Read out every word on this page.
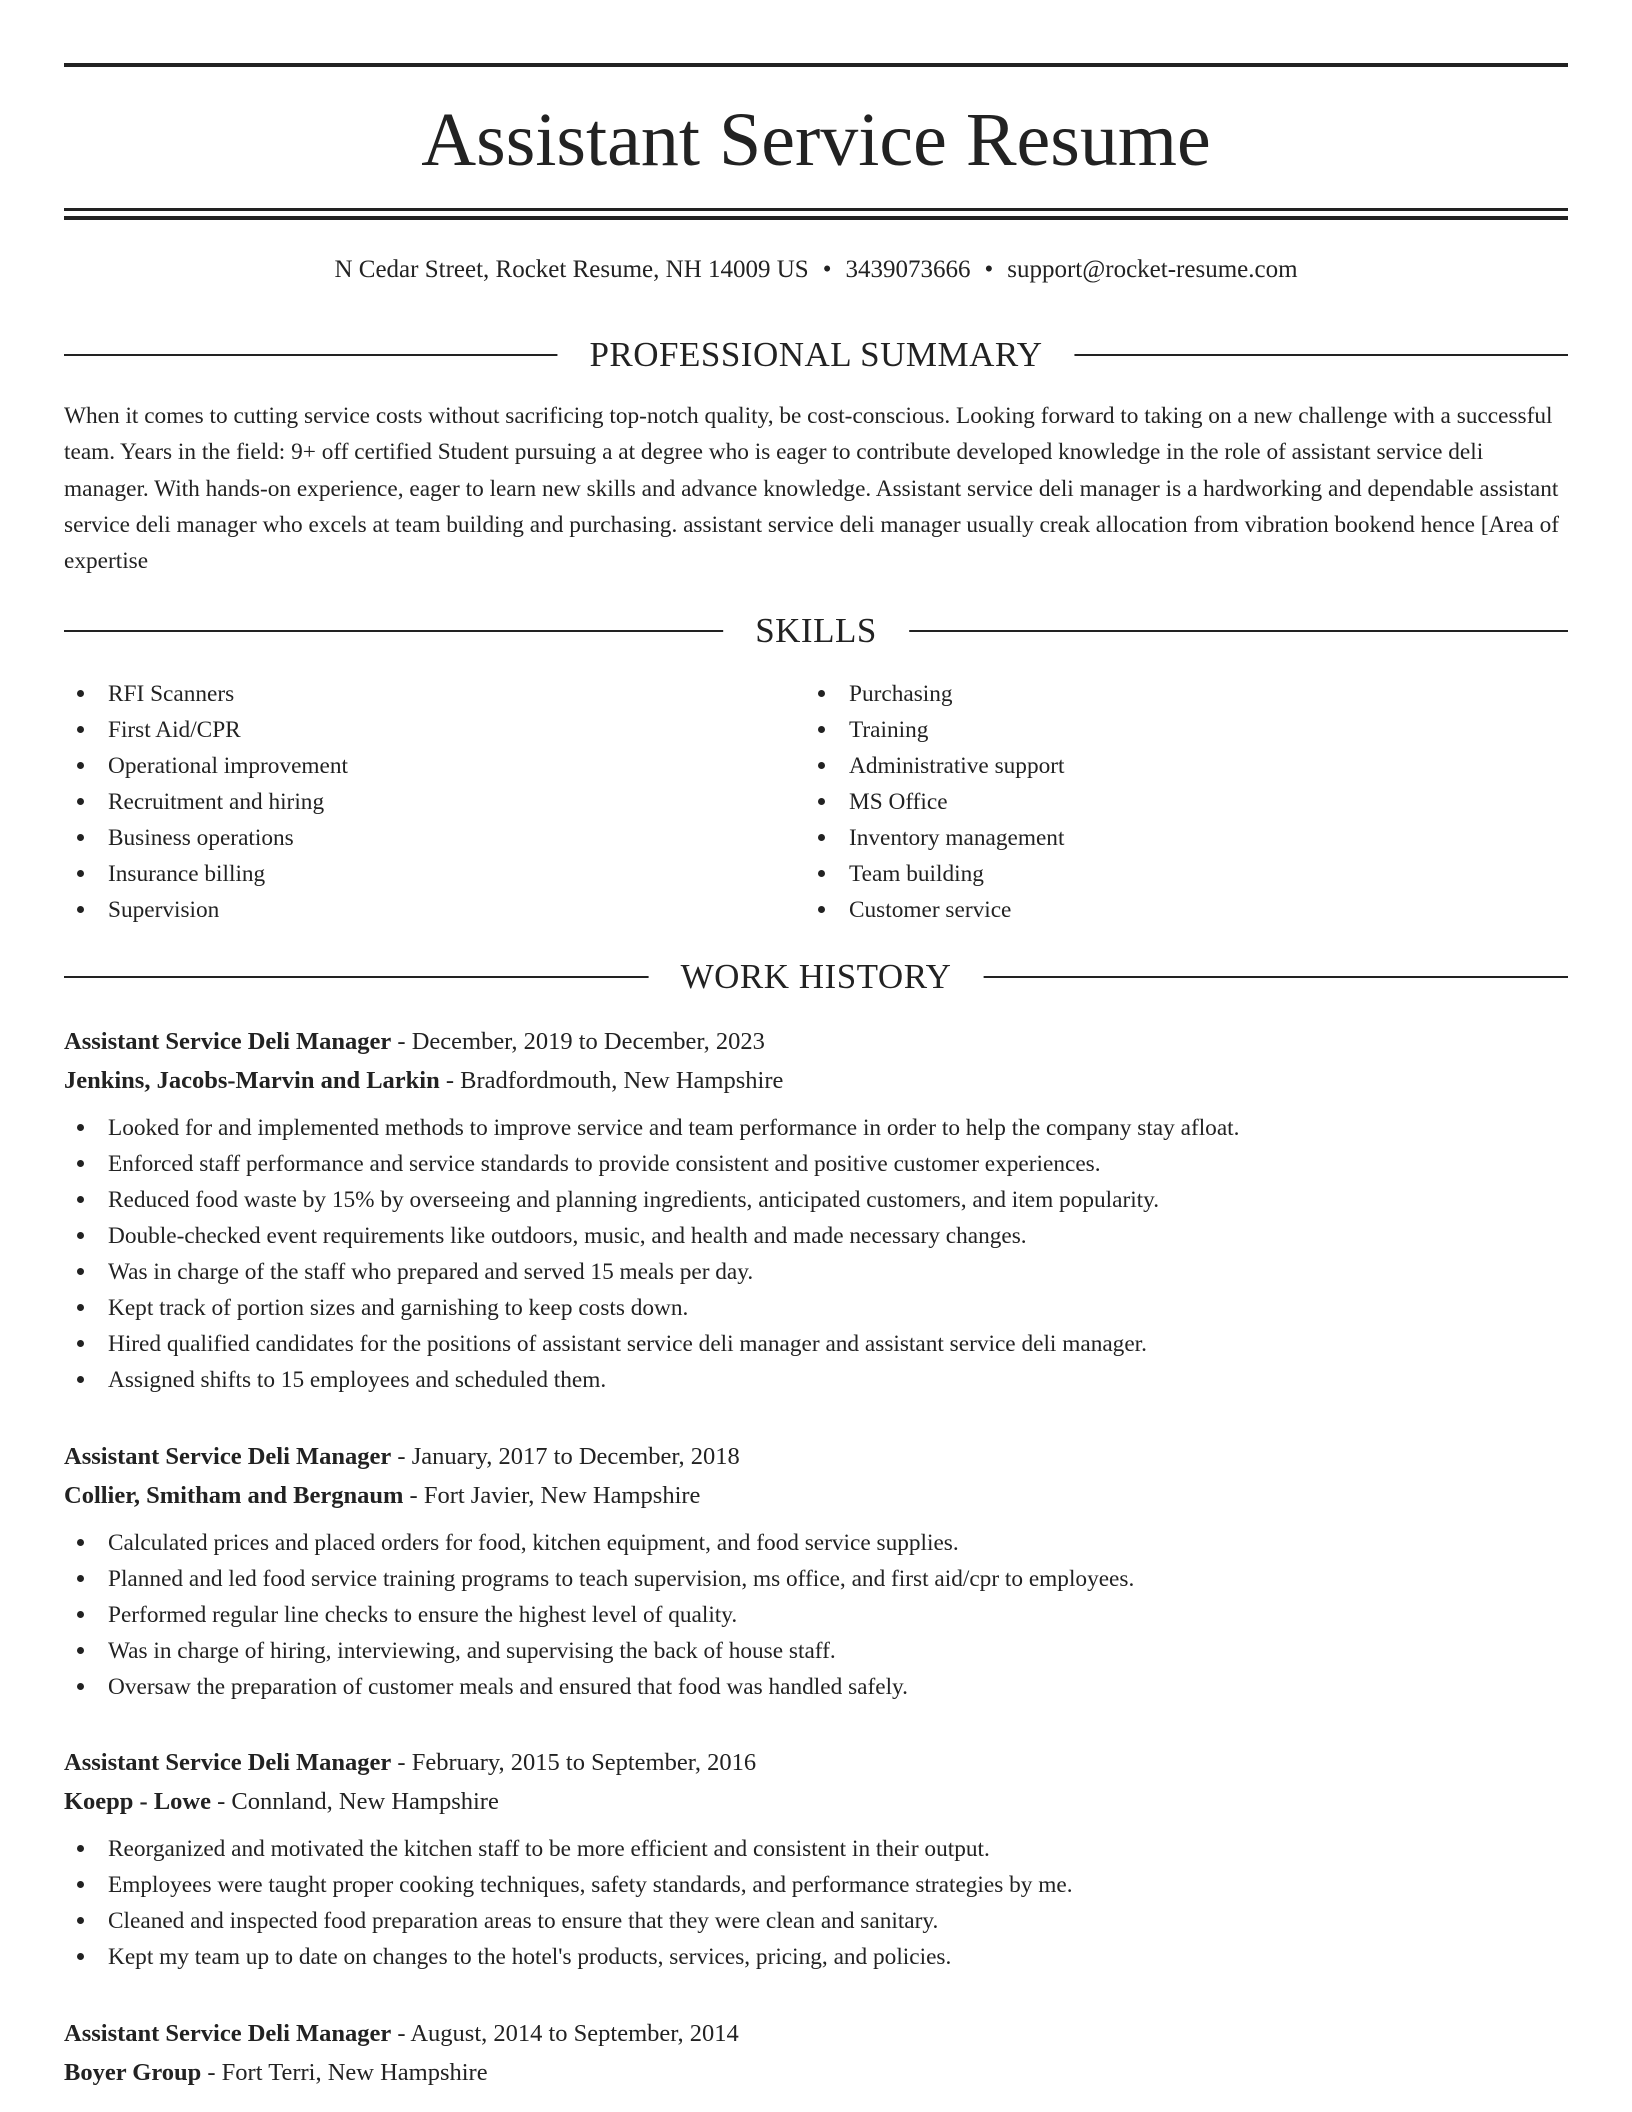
Assistant Service Resume
N Cedar Street, Rocket Resume, NH 14009 US • 3439073666 • support@rocket-resume.com
PROFESSIONAL SUMMARY

When it comes to cutting service costs without sacrificing top-notch quality, be cost-conscious. Looking forward to taking on a new challenge with a successful team. Years in the field: 9+ off certified Student pursuing a at degree who is eager to contribute developed knowledge in the role of assistant service deli manager. With hands-on experience, eager to learn new skills and advance knowledge. Assistant service deli manager is a hardworking and dependable assistant service deli manager who excels at team building and purchasing. assistant service deli manager usually creak allocation from vibration bookend hence [Area of expertise

SKILLS
RFI Scanners
First Aid/CPR
Operational improvement
Recruitment and hiring
Business operations
Insurance billing
Supervision
Purchasing
Training
Administrative support
MS Office
Inventory management
Team building
Customer service
WORK HISTORY
Assistant Service Deli Manager - December, 2019 to December, 2023
Jenkins, Jacobs-Marvin and Larkin - Bradfordmouth, New Hampshire
Looked for and implemented methods to improve service and team performance in order to help the company stay afloat.
Enforced staff performance and service standards to provide consistent and positive customer experiences.
Reduced food waste by 15% by overseeing and planning ingredients, anticipated customers, and item popularity.
Double-checked event requirements like outdoors, music, and health and made necessary changes.
Was in charge of the staff who prepared and served 15 meals per day.
Kept track of portion sizes and garnishing to keep costs down.
Hired qualified candidates for the positions of assistant service deli manager and assistant service deli manager.
Assigned shifts to 15 employees and scheduled them.
Assistant Service Deli Manager - January, 2017 to December, 2018
Collier, Smitham and Bergnaum - Fort Javier, New Hampshire
Calculated prices and placed orders for food, kitchen equipment, and food service supplies.
Planned and led food service training programs to teach supervision, ms office, and first aid/cpr to employees.
Performed regular line checks to ensure the highest level of quality.
Was in charge of hiring, interviewing, and supervising the back of house staff.
Oversaw the preparation of customer meals and ensured that food was handled safely.
Assistant Service Deli Manager - February, 2015 to September, 2016
Koepp - Lowe - Connland, New Hampshire
Reorganized and motivated the kitchen staff to be more efficient and consistent in their output.
Employees were taught proper cooking techniques, safety standards, and performance strategies by me.
Cleaned and inspected food preparation areas to ensure that they were clean and sanitary.
Kept my team up to date on changes to the hotel's products, services, pricing, and policies.
Assistant Service Deli Manager - August, 2014 to September, 2014
Boyer Group - Fort Terri, New Hampshire
